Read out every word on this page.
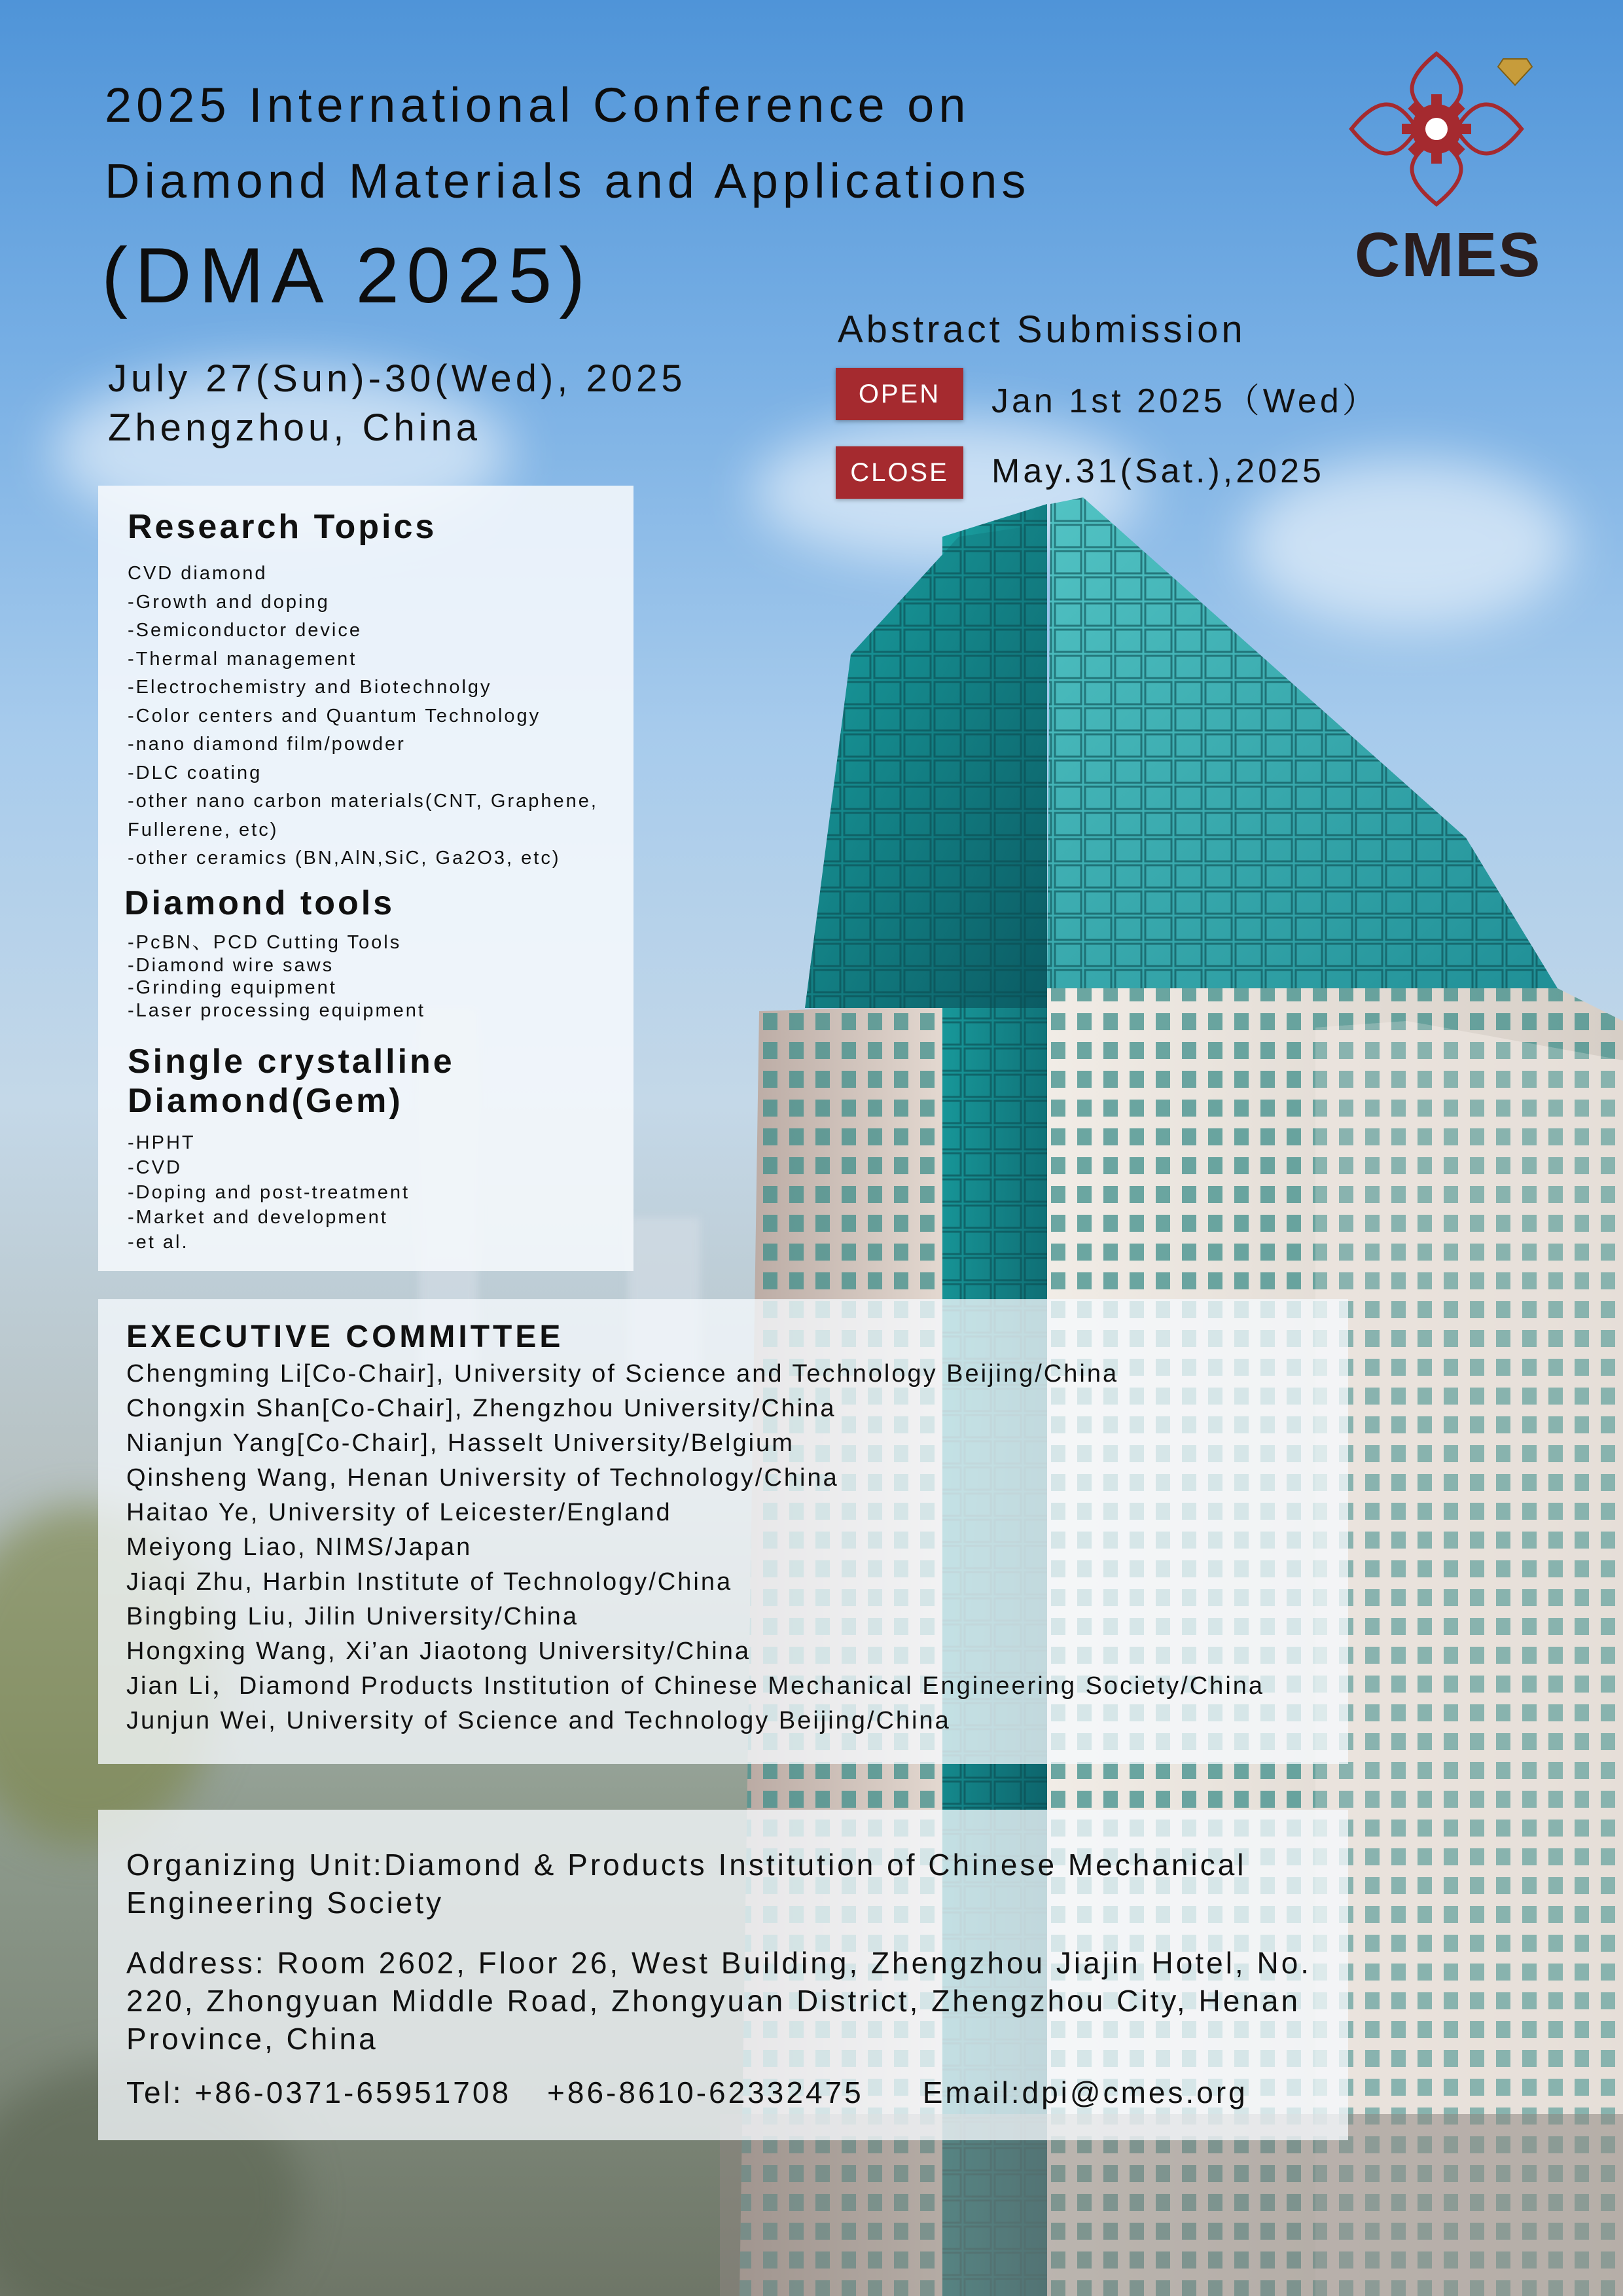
2025 International Conference on
Diamond Materials and Applications
(DMA 2025)
July 27(Sun)-30(Wed), 2025
Zhengzhou, China
Abstract Submission
OPEN	Jan 1st 2025（Wed）
CLOSE	May.31(Sat.),2025
CMES
Research Topics
CVD diamond
-Growth and doping
-Semiconductor device
-Thermal management
-Electrochemistry and Biotechnolgy
-Color centers and Quantum Technology
-nano diamond film/powder
-DLC coating
-other nano carbon materials(CNT, Graphene,
Fullerene, etc)
-other ceramics (BN,AlN,SiC, Ga2O3, etc)
Diamond tools
-PcBN、PCD Cutting Tools
-Diamond wire saws
-Grinding equipment
-Laser processing equipment
Single crystalline
Diamond(Gem)
-HPHT
-CVD
-Doping and post-treatment
-Market and development
-et al.
EXECUTIVE COMMITTEE
Chengming Li[Co-Chair], University of Science and Technology Beijing/China
Chongxin Shan[Co-Chair], Zhengzhou University/China
Nianjun Yang[Co-Chair], Hasselt University/Belgium
Qinsheng Wang, Henan University of Technology/China
Haitao Ye, University of Leicester/England
Meiyong Liao, NIMS/Japan
Jiaqi Zhu, Harbin Institute of Technology/China
Bingbing Liu, Jilin University/China
Hongxing Wang, Xi’an Jiaotong University/China
Jian Li，Diamond Products Institution of Chinese Mechanical Engineering Society/China
Junjun Wei, University of Science and Technology Beijing/China
Organizing Unit:Diamond & Products Institution of Chinese Mechanical Engineering Society
Address: Room 2602, Floor 26, West Building, Zhengzhou Jiajin Hotel, No. 220, Zhongyuan Middle Road, Zhongyuan District, Zhengzhou City, Henan Province, China
Tel: +86-0371-65951708 +86-8610-62332475 Email:dpi@cmes.org
